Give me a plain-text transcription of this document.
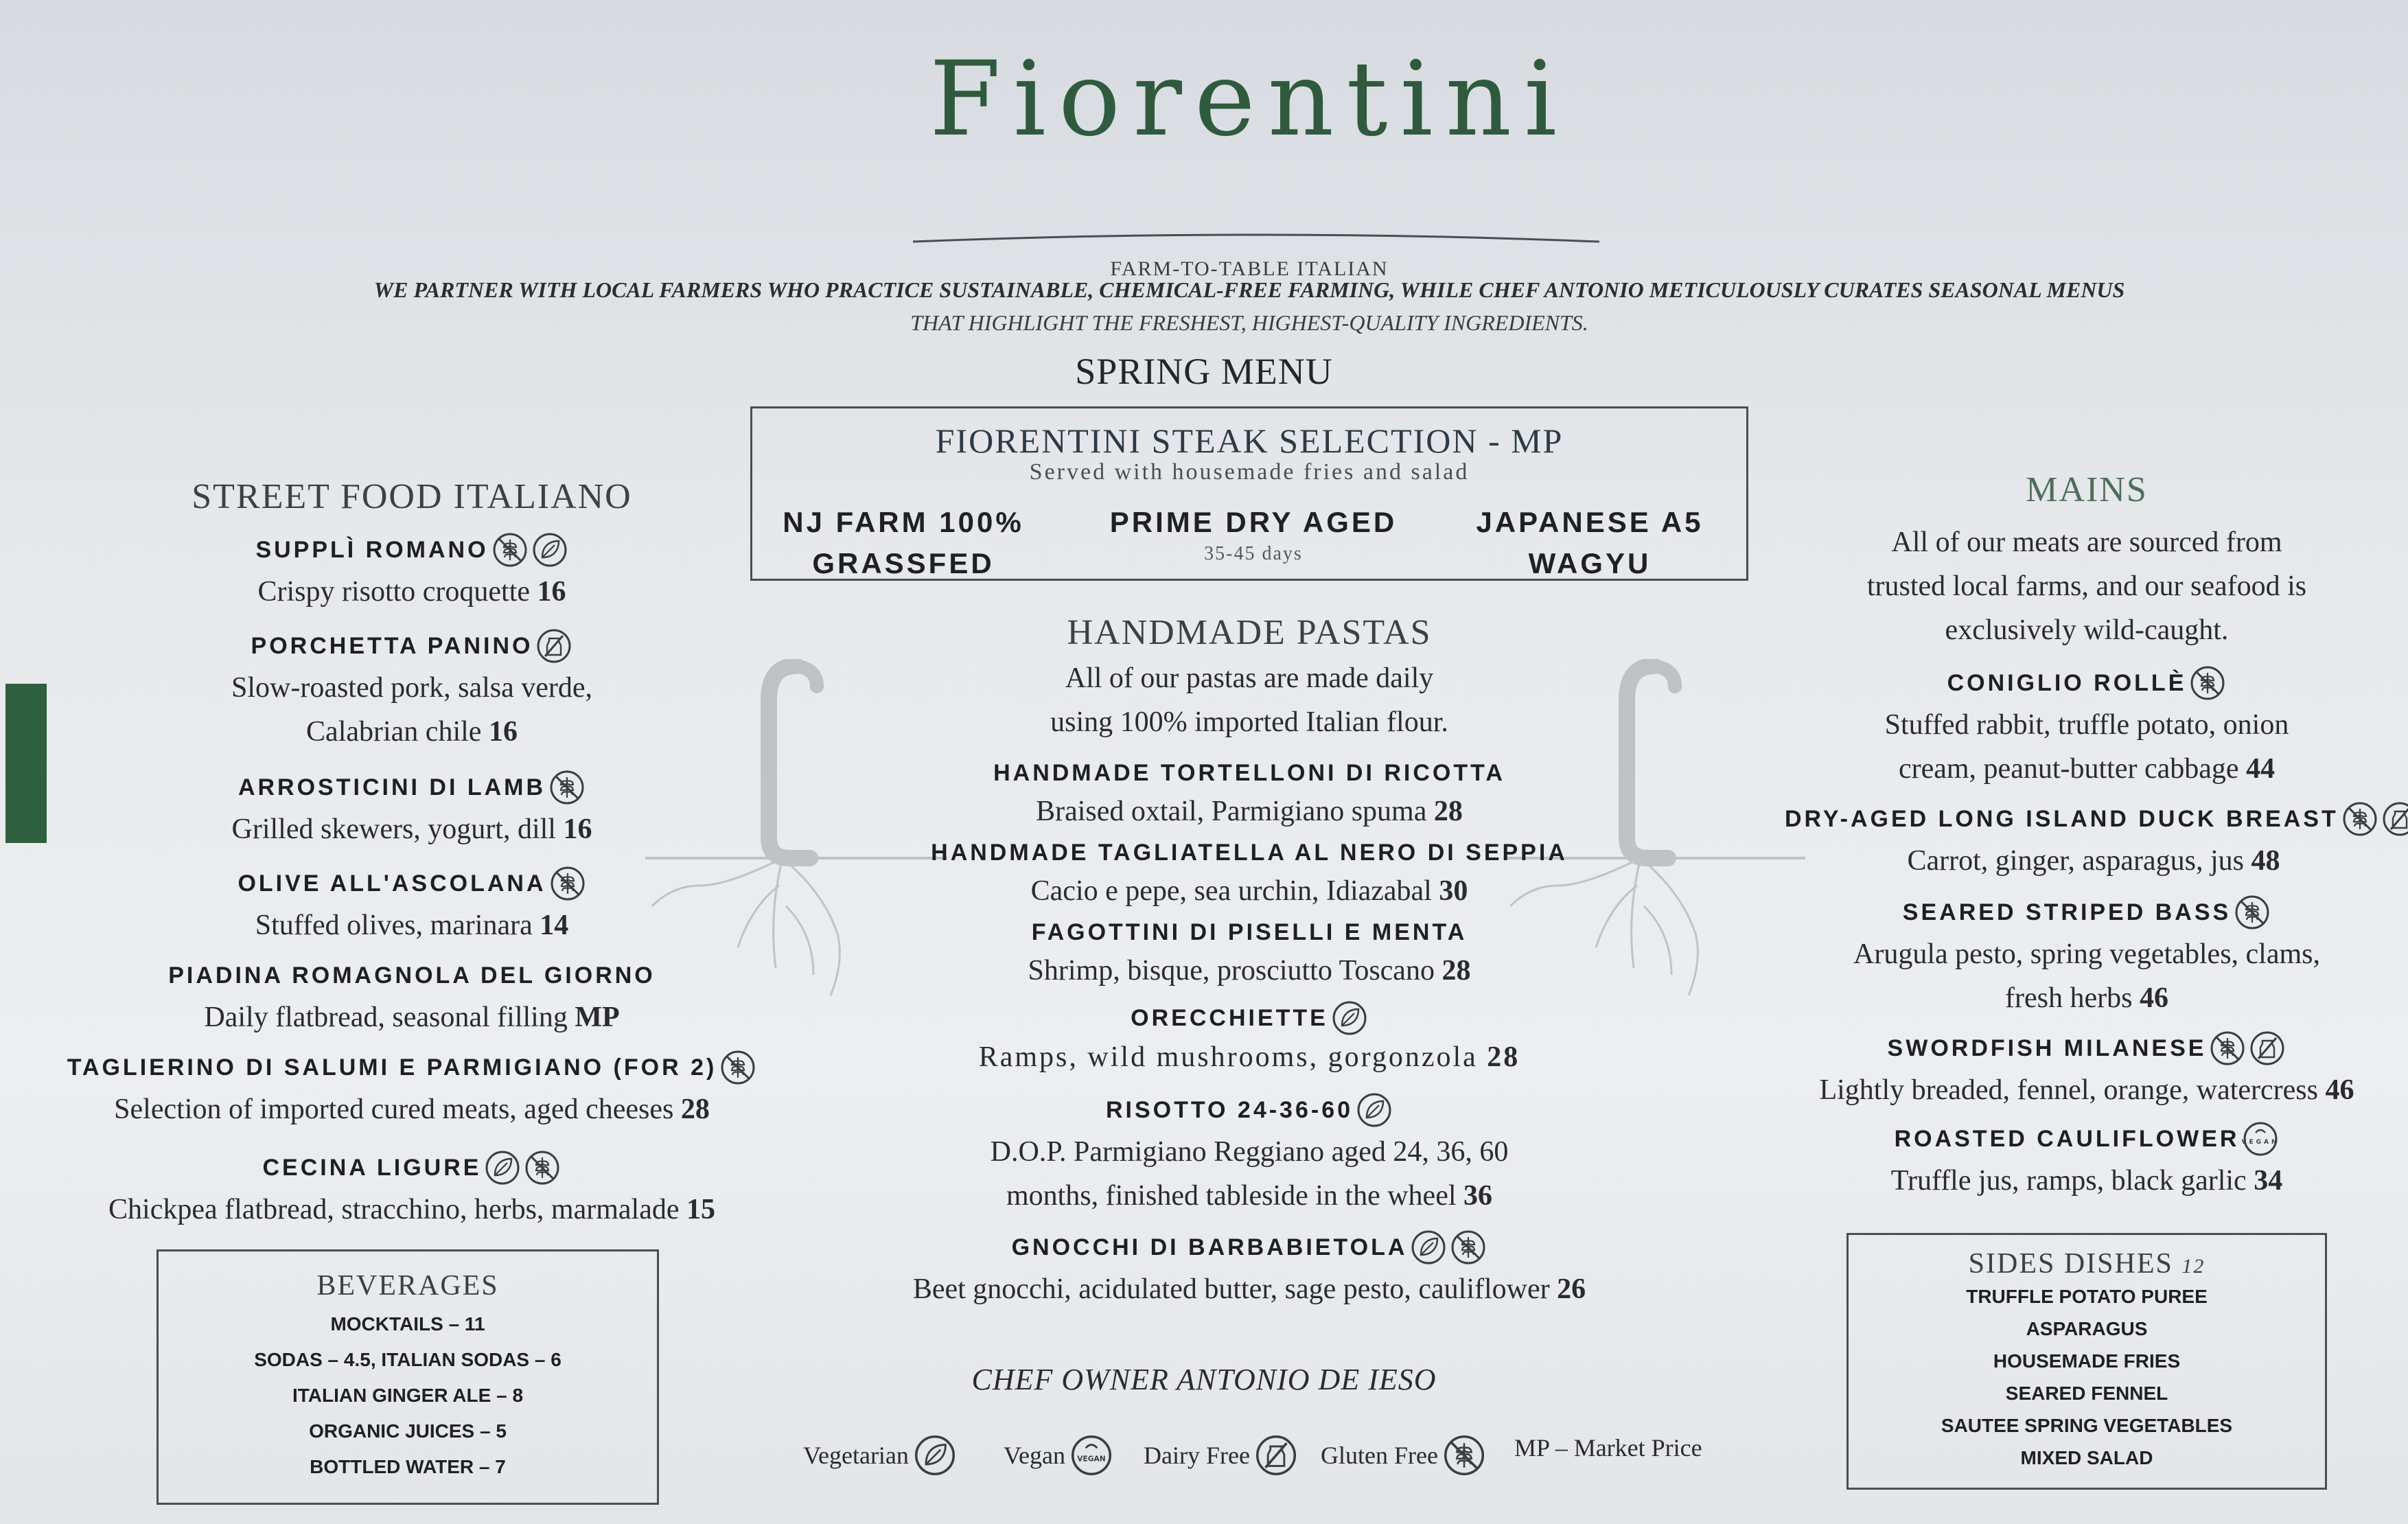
Fiorentini
FARM-TO-TABLE ITALIAN
WE PARTNER WITH LOCAL FARMERS WHO PRACTICE SUSTAINABLE, CHEMICAL-FREE FARMING, WHILE CHEF ANTONIO METICULOUSLY CURATES SEASONAL MENUS
THAT HIGHLIGHT THE FRESHEST, HIGHEST-QUALITY INGREDIENTS.
SPRING MENU
FIORENTINI STEAK SELECTION - MP
Served with housemade fries and salad
NJ FARM 100%
GRASSFED
PRIME DRY AGED
35-45 days
JAPANESE A5
WAGYU
STREET FOOD ITALIANO
SUPPLÌ ROMANO
Crispy risotto croquette 16
PORCHETTA PANINO
Slow-roasted pork, salsa verde,
Calabrian chile 16
ARROSTICINI DI LAMB
Grilled skewers, yogurt, dill 16
OLIVE ALL'ASCOLANA
Stuffed olives, marinara 14
PIADINA ROMAGNOLA DEL GIORNO
Daily flatbread, seasonal filling MP
TAGLIERINO DI SALUMI E PARMIGIANO (FOR 2)
Selection of imported cured meats, aged cheeses 28
CECINA LIGURE
Chickpea flatbread, stracchino, herbs, marmalade 15
BEVERAGES
MOCKTAILS – 11
SODAS – 4.5, ITALIAN SODAS – 6
ITALIAN GINGER ALE – 8
ORGANIC JUICES – 5
BOTTLED WATER – 7
HANDMADE PASTAS
All of our pastas are made daily
using 100% imported Italian flour.
HANDMADE TORTELLONI DI RICOTTA
Braised oxtail, Parmigiano spuma 28
HANDMADE TAGLIATELLA AL NERO DI SEPPIA
Cacio e pepe, sea urchin, Idiazabal 30
FAGOTTINI DI PISELLI E MENTA
Shrimp, bisque, prosciutto Toscano 28
ORECCHIETTE
Ramps, wild mushrooms, gorgonzola 28
RISOTTO 24-36-60
D.O.P. Parmigiano Reggiano aged 24, 36, 60
months, finished tableside in the wheel 36
GNOCCHI DI BARBABIETOLA
Beet gnocchi, acidulated butter, sage pesto, cauliflower 26
CHEF OWNER ANTONIO DE IESO
MAINS
All of our meats are sourced from
trusted local farms, and our seafood is
exclusively wild-caught.
CONIGLIO ROLLÈ
Stuffed rabbit, truffle potato, onion
cream, peanut-butter cabbage 44
DRY-AGED LONG ISLAND DUCK BREAST
Carrot, ginger, asparagus, jus 48
SEARED STRIPED BASS
Arugula pesto, spring vegetables, clams,
fresh herbs 46
SWORDFISH MILANESE
Lightly breaded, fennel, orange, watercress 46
ROASTED CAULIFLOWER
Truffle jus, ramps, black garlic 34
SIDES DISHES 12
TRUFFLE POTATO PUREE
ASPARAGUS
HOUSEMADE FRIES
SEARED FENNEL
SAUTEE SPRING VEGETABLES
MIXED SALAD
Vegetarian	Vegan	Dairy Free	Gluten Free	MP – Market Price
